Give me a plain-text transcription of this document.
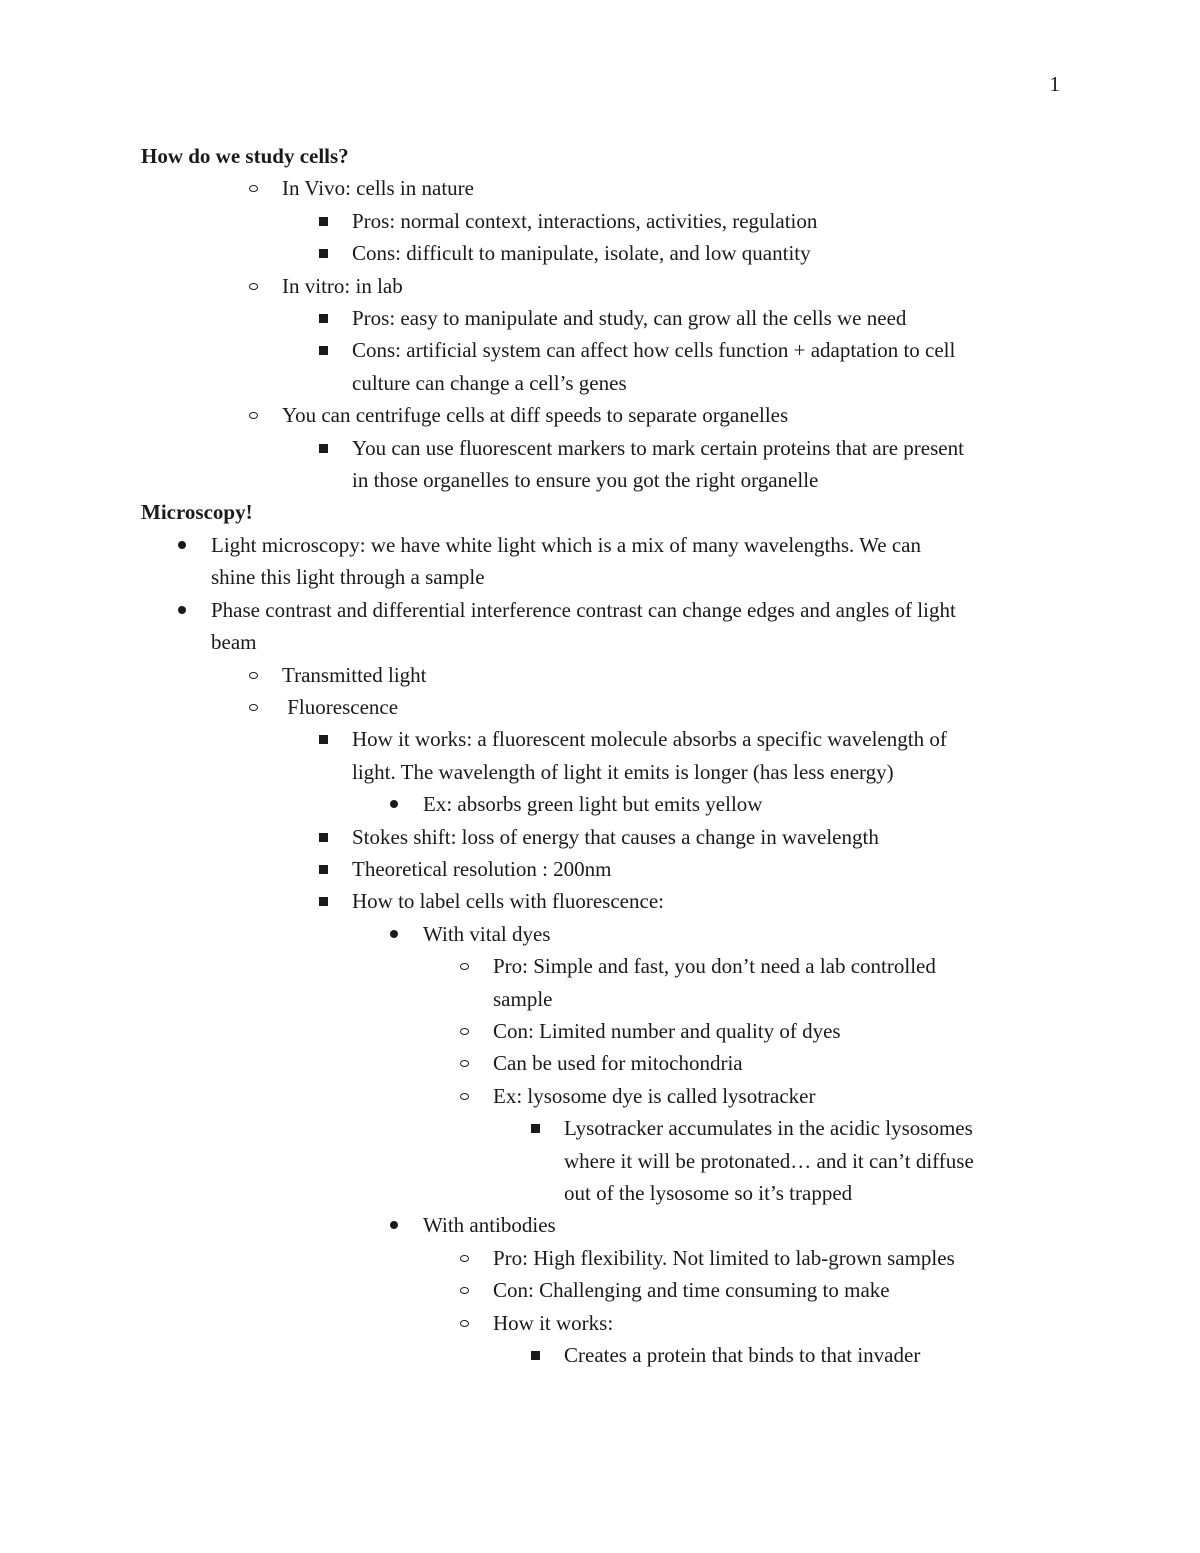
1
How do we study cells?
In Vivo: cells in nature
Pros: normal context, interactions, activities, regulation
Cons: difficult to manipulate, isolate, and low quantity
In vitro: in lab
Pros: easy to manipulate and study, can grow all the cells we need
Cons: artificial system can affect how cells function + adaptation to cell
culture can change a cell’s genes
You can centrifuge cells at diff speeds to separate organelles
You can use fluorescent markers to mark certain proteins that are present
in those organelles to ensure you got the right organelle
Microscopy!
Light microscopy: we have white light which is a mix of many wavelengths. We can
shine this light through a sample
Phase contrast and differential interference contrast can change edges and angles of light
beam
Transmitted light
Fluorescence
How it works: a fluorescent molecule absorbs a specific wavelength of
light. The wavelength of light it emits is longer (has less energy)
Ex: absorbs green light but emits yellow
Stokes shift: loss of energy that causes a change in wavelength
Theoretical resolution : 200nm
How to label cells with fluorescence:
With vital dyes
Pro: Simple and fast, you don’t need a lab controlled
sample
Con: Limited number and quality of dyes
Can be used for mitochondria
Ex: lysosome dye is called lysotracker
Lysotracker accumulates in the acidic lysosomes
where it will be protonated… and it can’t diffuse
out of the lysosome so it’s trapped
With antibodies
Pro: High flexibility. Not limited to lab-grown samples
Con: Challenging and time consuming to make
How it works:
Creates a protein that binds to that invader
